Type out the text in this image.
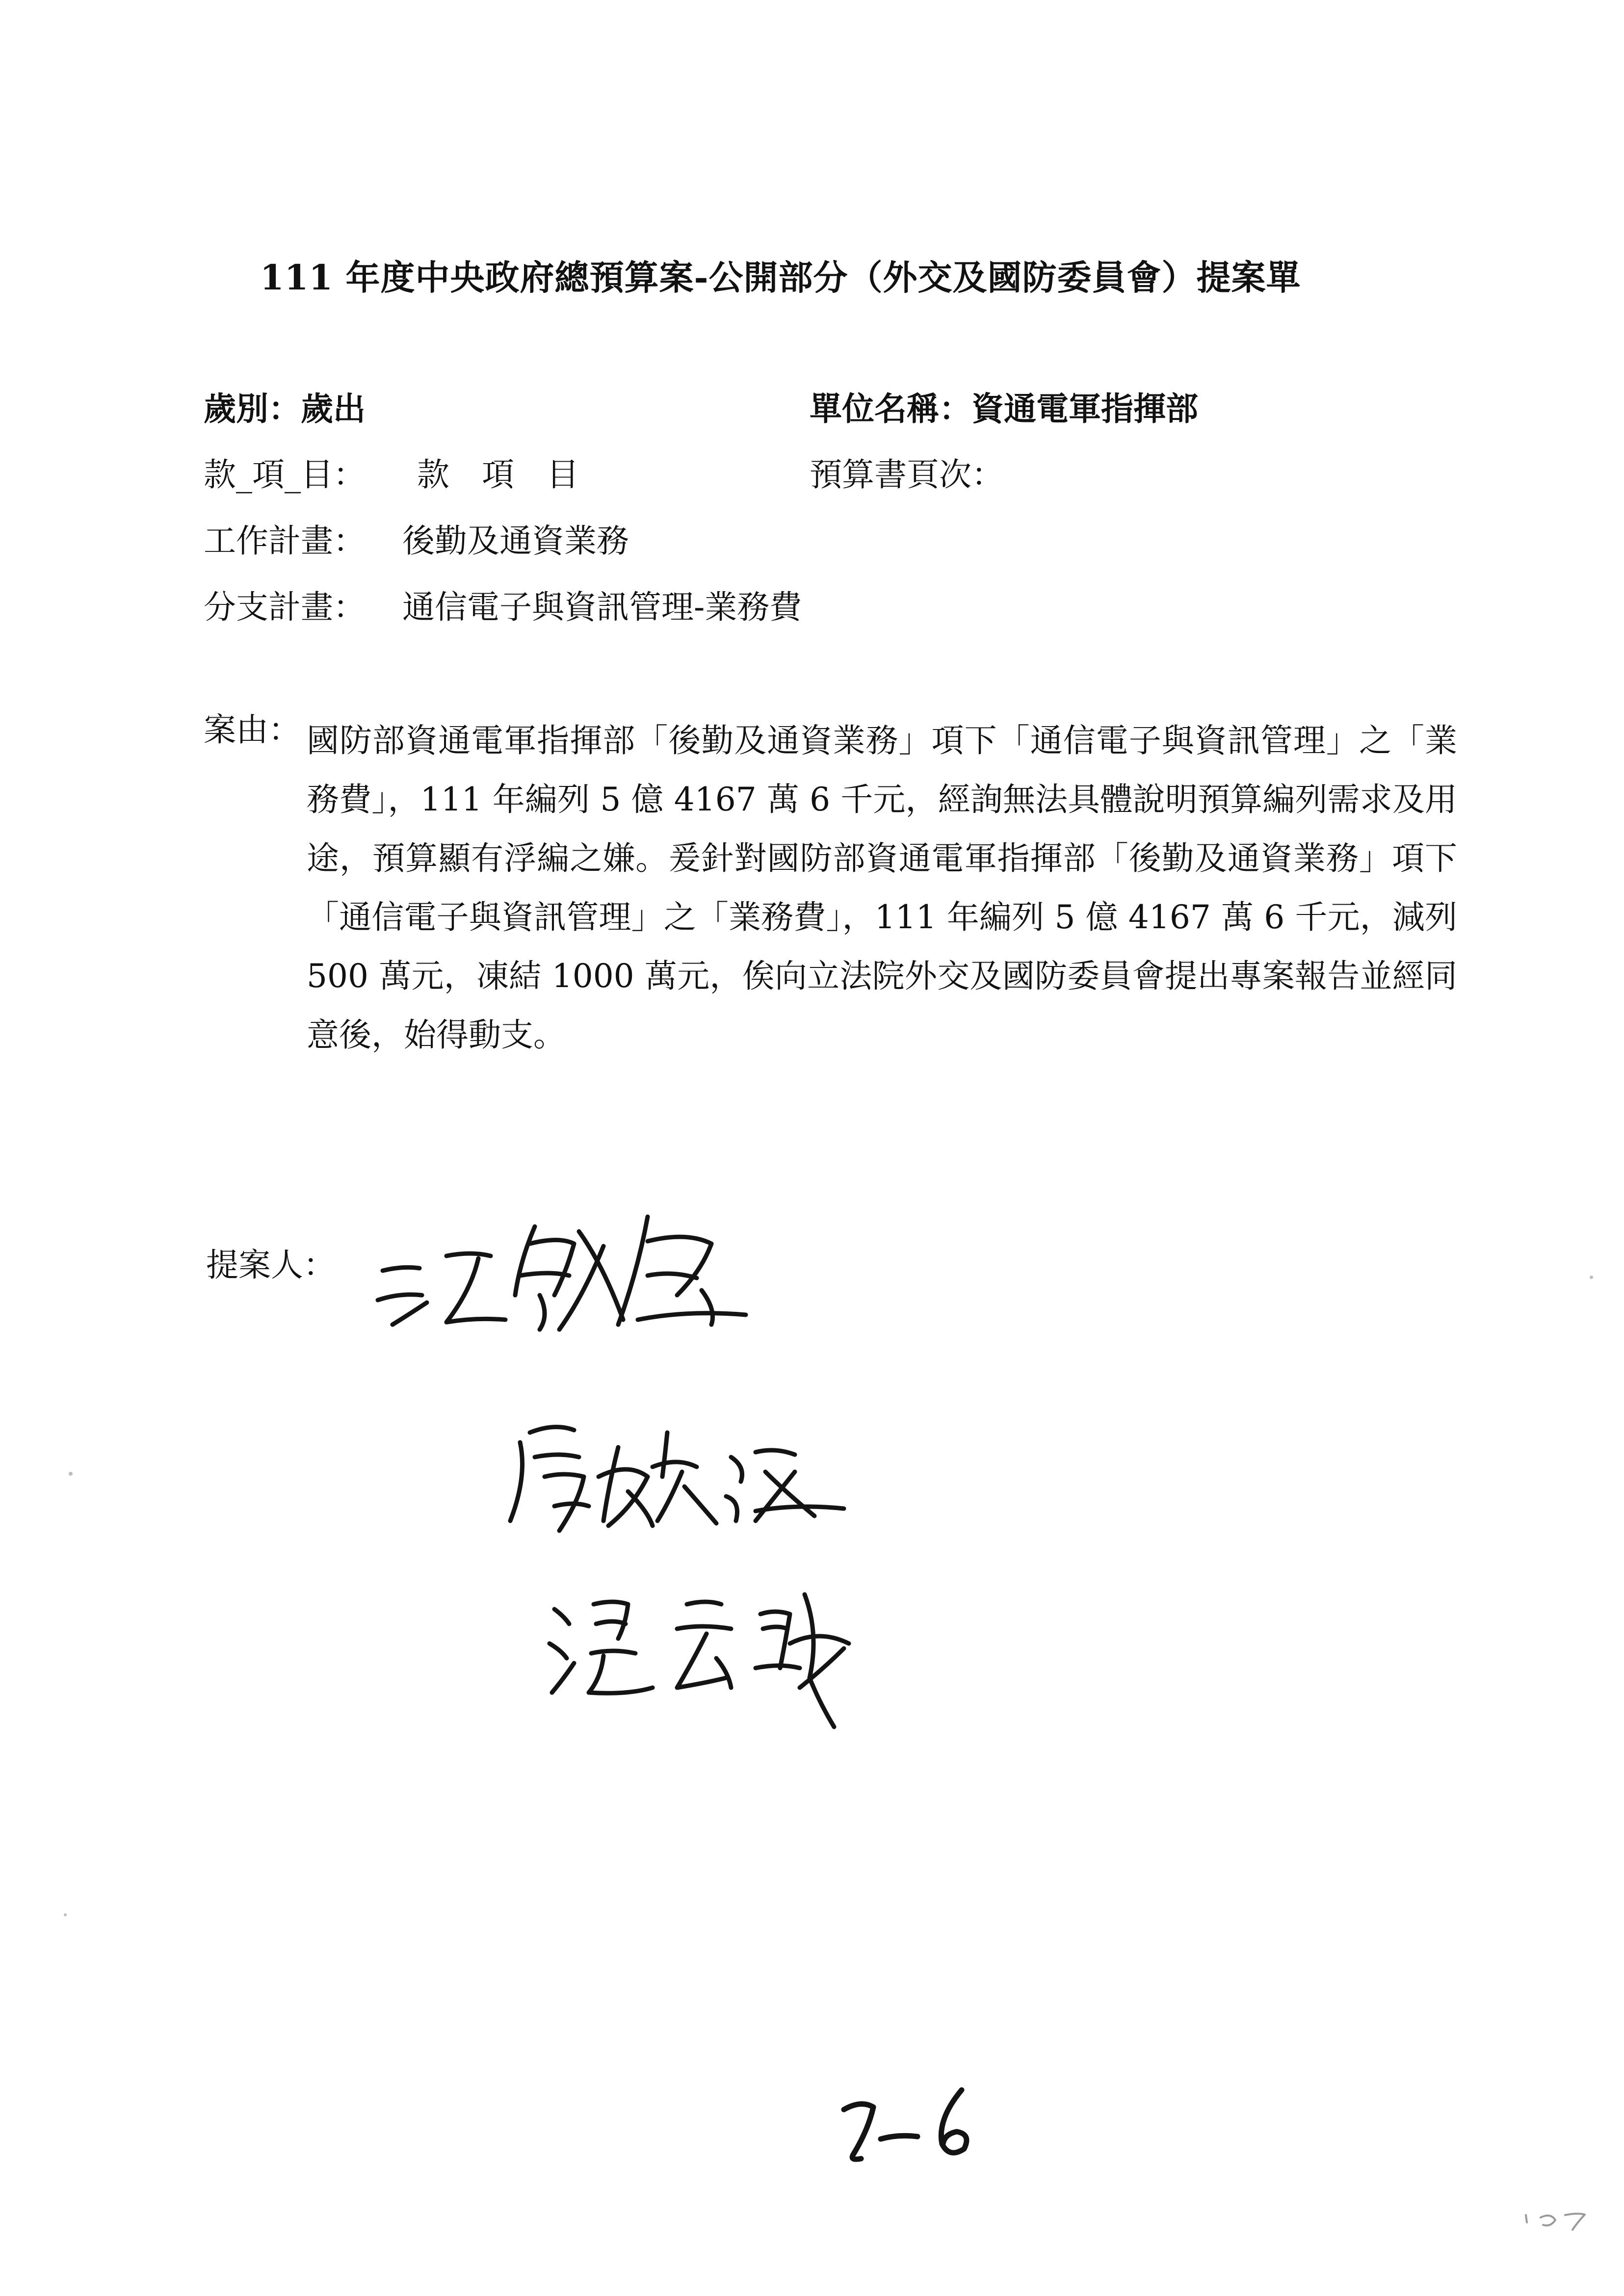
111 年度中央政府總預算案-公開部分（外交及國防委員會）提案單
歲別：歲出	單位名稱：資通電軍指揮部
款_項_目： 款　項　目	預算書頁次：
工作計畫： 後勤及通資業務
分支計畫： 通信電子與資訊管理-業務費
案由： 國防部資通電軍指揮部「後勤及通資業務」項下「通信電子與資訊管理」之「業務費」，111 年編列 5 億 4167 萬 6 千元，經詢無法具體說明預算編列需求及用途，預算顯有浮編之嫌。爰針對國防部資通電軍指揮部「後勤及通資業務」項下「通信電子與資訊管理」之「業務費」，111 年編列 5 億 4167 萬 6 千元，減列 500 萬元，凍結 1000 萬元，俟向立法院外交及國防委員會提出專案報告並經同意後，始得動支。
提案人：
